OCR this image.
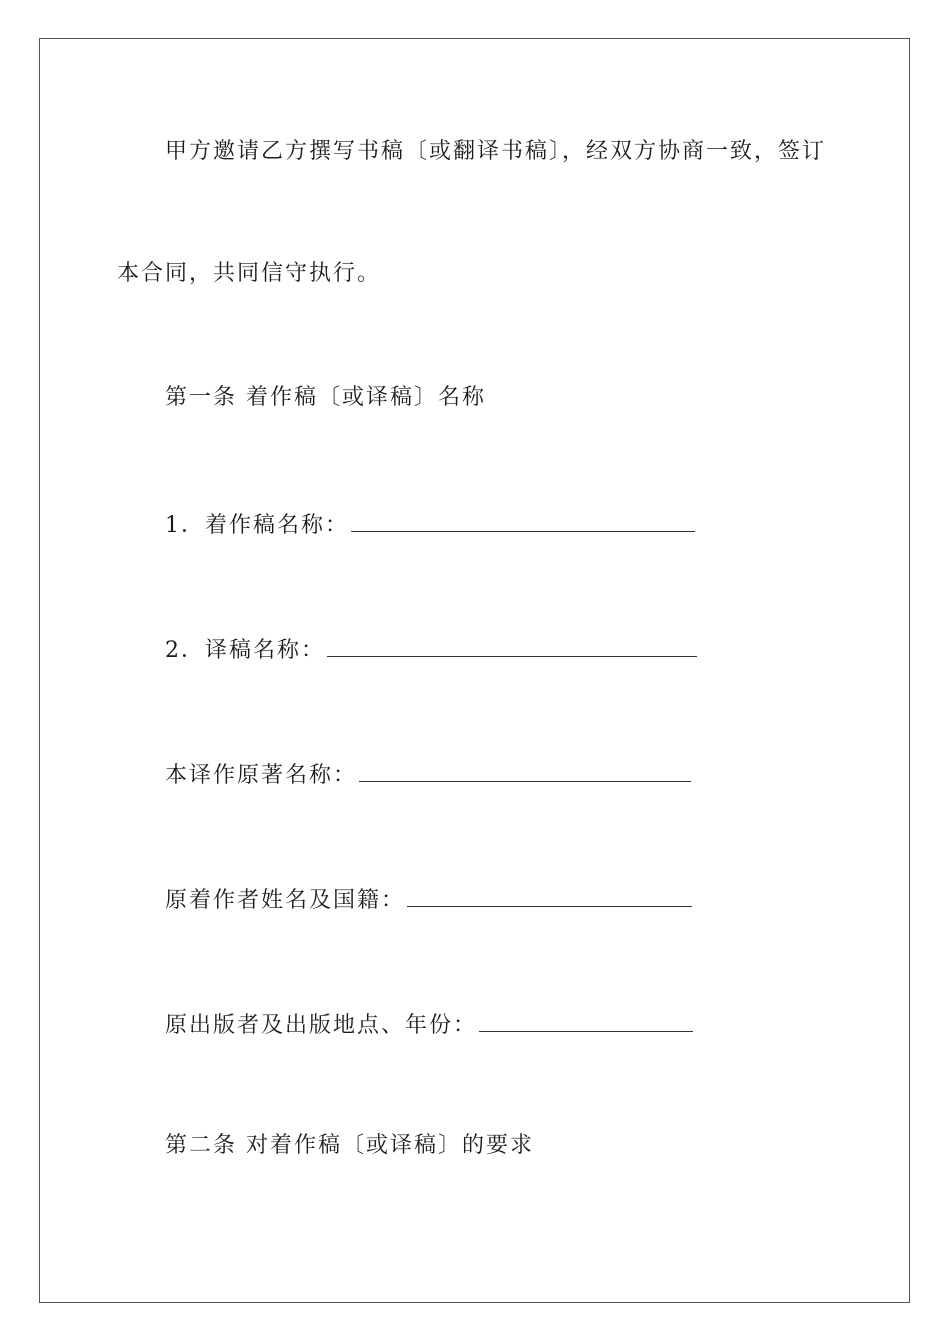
甲方邀请乙方撰写书稿〔或翻译书稿〕，经双方协商一致，签订
本合同，共同信守执行。
第一条 着作稿〔或译稿〕名称
1．着作稿名称：
2．译稿名称：
本译作原著名称：
原着作者姓名及国籍：
原出版者及出版地点、年份：
第二条 对着作稿〔或译稿〕的要求
